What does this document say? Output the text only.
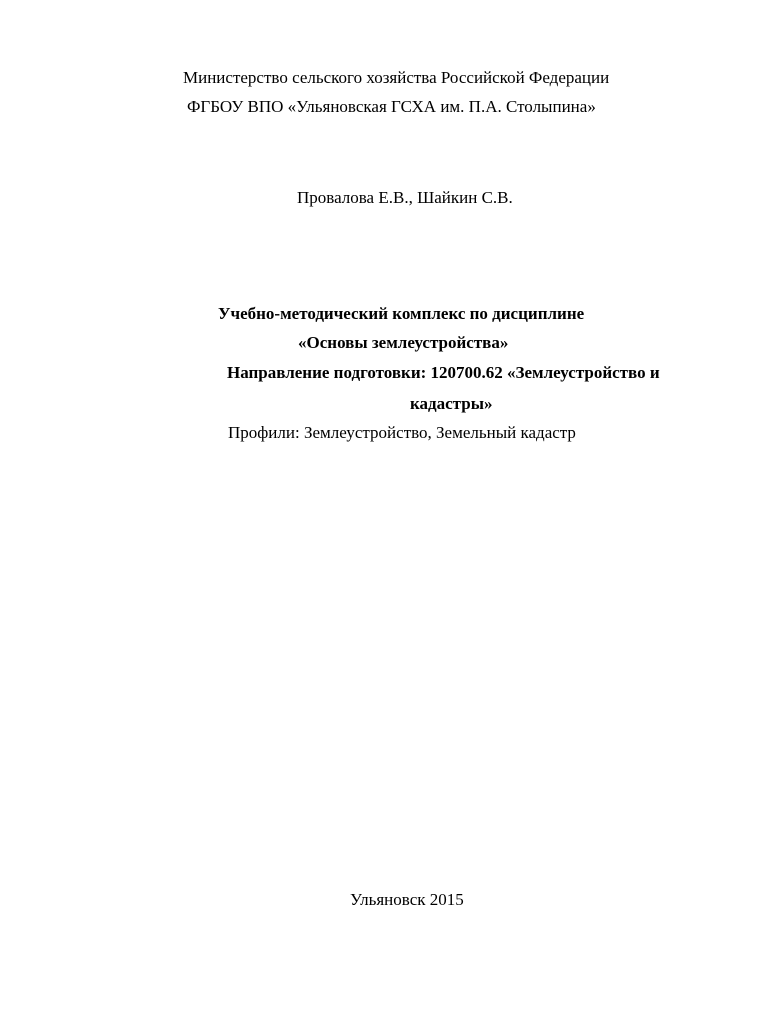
Министерство сельского хозяйства Российской Федерации
ФГБОУ ВПО «Ульяновская ГСХА им. П.А. Столыпина»
Провалова Е.В., Шайкин С.В.
Учебно-методический комплекс по дисциплине
«Основы землеустройства»
Направление подготовки: 120700.62 «Землеустройство и
кадастры»
Профили: Землеустройство, Земельный кадастр
Ульяновск 2015
